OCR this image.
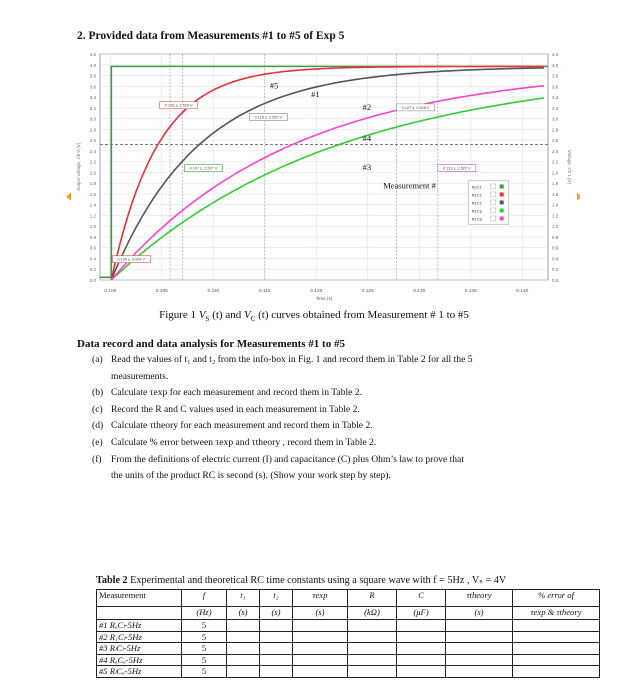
2. Provided data from Measurements #1 to #5 of Exp 5
4.2	4.2
4.0	4.0
3.8	3.8
3.6	3.6
3.4	3.4
3.2	3.2
3.0	3.0
2.8	2.8
2.6	2.6
2.4	2.4
2.2	2.2
2.0	2.0
1.8	1.8
1.6	1.6
1.4	1.4
1.2	1.2
1.0	1.0
0.8	0.8
0.6	0.6
0.4	0.4
0.2	0.2
0.0	0.0
0.100	0.105	0.110	0.115	0.120	0.125	0.130	0.135	0.140
Time (s)
Output voltage, Ch 0 (V)	Voltage, Ch 1 (V)
#5
#1
#2
#4
#3
Measurement #
0.100 s, 0.004 V
0.106 s, 2.529 V
0.115 s, 2.520 V
0.107 s, 2.527 V
0.127 s, 2.528 V
0.131 s, 2.522 V
PpC1
R1C1
R1C1
R1Cp
R1Ca
Figure 1 $V_S$ (t) and $V_C$ (t) curves obtained from Measurement # 1 to #5
Data record and data analysis for Measurements #1 to #5
(a) Read the values of t₁ and t₂ from the info-box in Fig. 1 and record them in Table 2 for all the 5
measurements.
(b) Calculate τexp for each measurement and record them in Table 2.
(c) Record the R and C values used in each measurement in Table 2.
(d) Calculate τtheory for each measurement and record them in Table 2.
(e) Calculate % error between τexp and τtheory , record them in Table 2.
(f) From the definitions of electric current (I) and capacitance (C) plus Ohm’s law to prove that
the units of the product RC is second (s). (Show your work step by step).
Table 2 Experimental and theoretical RC time constants using a square wave with f = 5Hz , Vₛ = 4V
Measurement	f	t₁	t₂	τexp	R	C	τtheory	% error of
	(Hz)	(s)	(s)	(s)	(kΩ)	(μF)	(s)	τexp & τtheory
#1 RₐCₗ-5Hz	5							
#2 R₁Cₗ-5Hz	5							
#3 RₗCₗ-5Hz	5							
#4 RₐCₐ-5Hz	5							
#5 RₗCₐ-5Hz	5							
